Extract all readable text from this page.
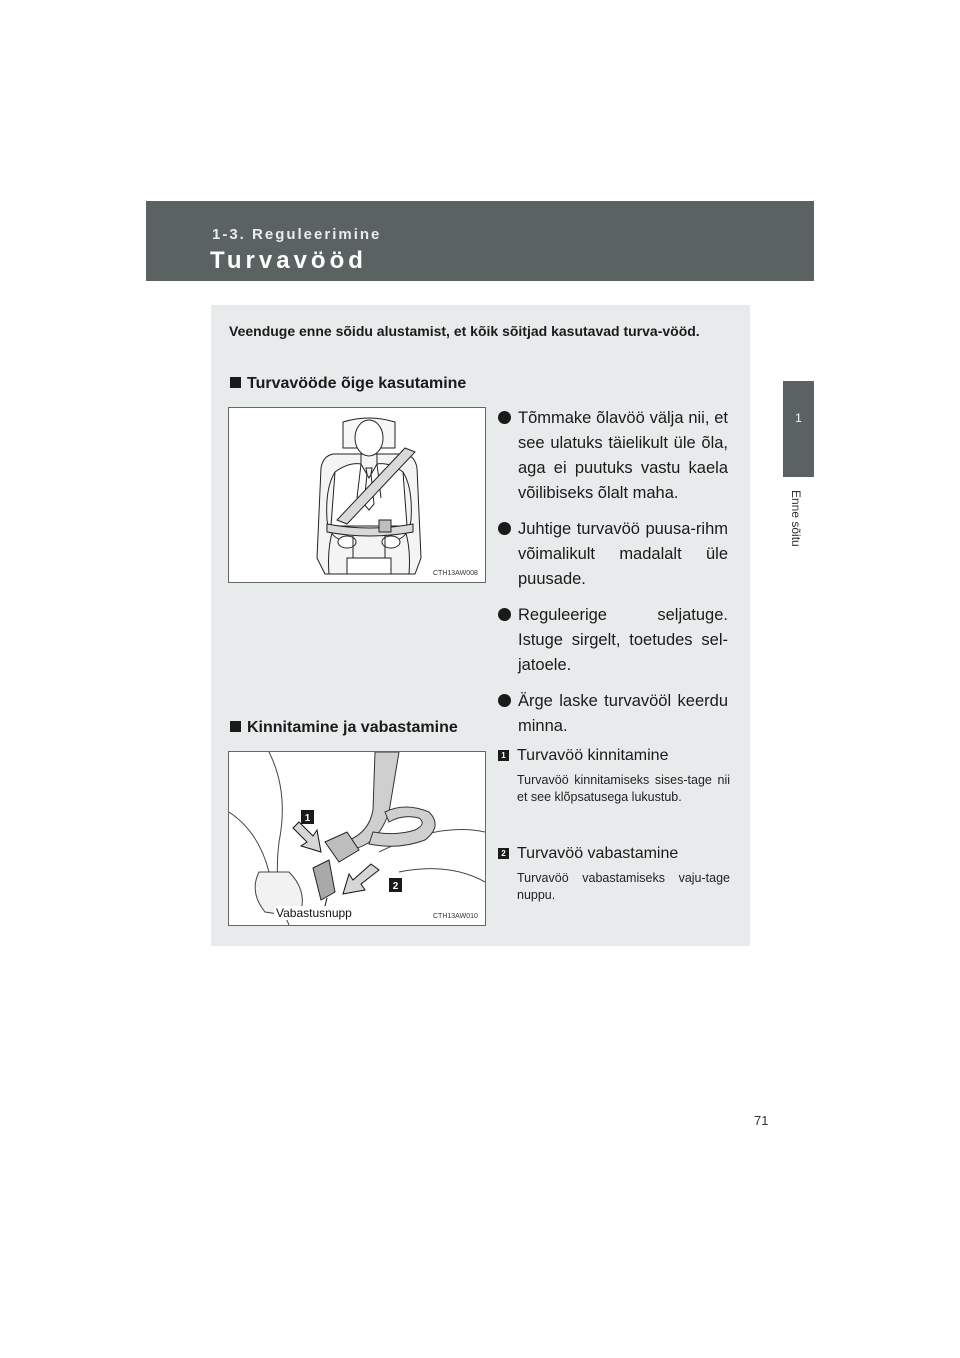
1-3. Reguleerimine
Turvavööd
1
Enne sõitu
Veenduge enne sõidu alustamist, et kõik sõitjad kasutavad turva-vööd.
Turvavööde õige kasutamine
CTH13AW008
Tõmmake õlavöö välja nii, et see ulatuks täielikult üle õla, aga ei puutuks vastu kaela võilibiseks õlalt maha.
Juhtige turvavöö puusa-rihm võimalikult madalalt üle puusade.
Reguleerige seljatuge. Istuge sirgelt, toetudes sel-jatoele.
Ärge laske turvavööl keerdu minna.
Kinnitamine ja vabastamine
1
2
CTH13AW010
Vabastusnupp
1 Turvavöö kinnitamine
Turvavöö kinnitamiseks sises-tage nii et see klõpsatusega lukustub.
2 Turvavöö vabastamine
Turvavöö vabastamiseks vaju-tage nuppu.
71
